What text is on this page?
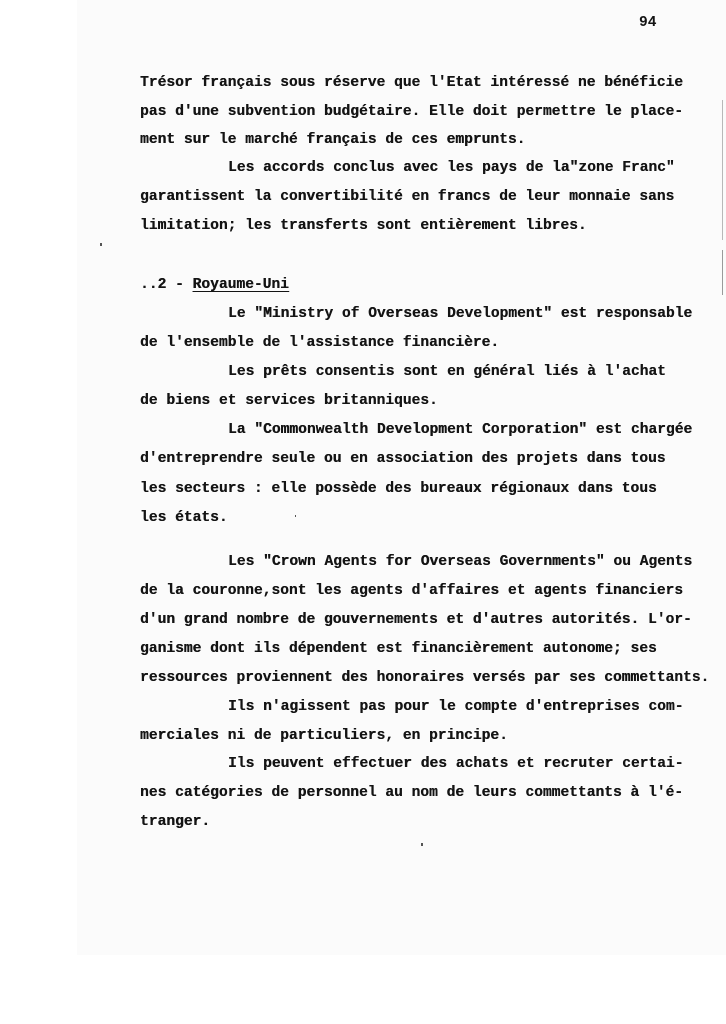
94
Trésor français sous réserve que l'Etat intéressé ne bénéficie
pas d'une subvention budgétaire. Elle doit permettre le place-
ment sur le marché français de ces emprunts.
Les accords conclus avec les pays de la"zone Franc"
garantissent la convertibilité en francs de leur monnaie sans
limitation; les transferts sont entièrement libres.
..2 - Royaume-Uni
Le "Ministry of Overseas Development" est responsable
de l'ensemble de l'assistance financière.
Les prêts consentis sont en général liés à l'achat
de biens et services britanniques.
La "Commonwealth Development Corporation" est chargée
d'entreprendre seule ou en association des projets dans tous
les secteurs : elle possède des bureaux régionaux dans tous
les états.
Les "Crown Agents for Overseas Governments" ou Agents
de la couronne,sont les agents d'affaires et agents financiers
d'un grand nombre de gouvernements et d'autres autorités. L'or-
ganisme dont ils dépendent est financièrement autonome; ses
ressources proviennent des honoraires versés par ses commettants.
Ils n'agissent pas pour le compte d'entreprises com-
merciales ni de particuliers, en principe.
Ils peuvent effectuer des achats et recruter certai-
nes catégories de personnel au nom de leurs commettants à l'é-
tranger.
